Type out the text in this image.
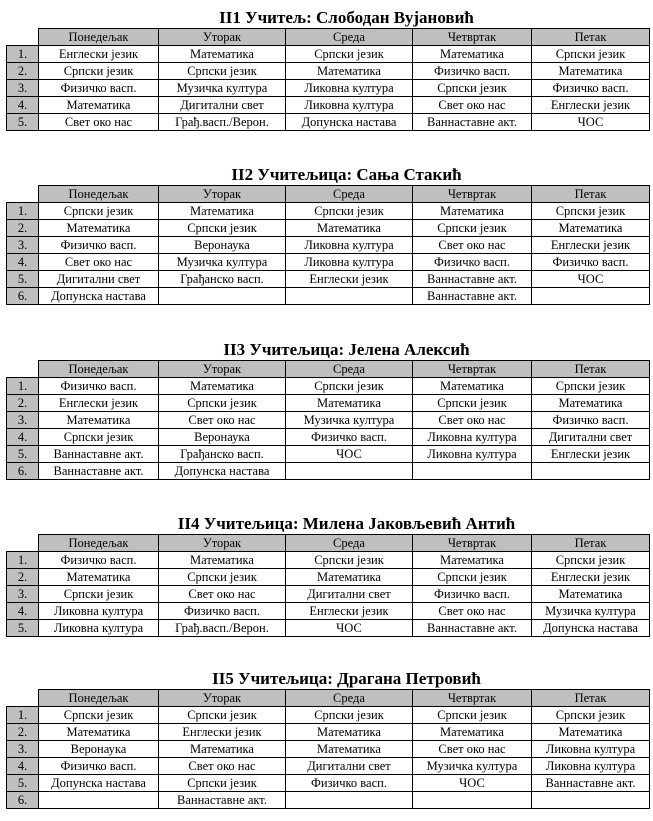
II1 Учитељ: Слободан Вујановић
	Понедељак	Уторак	Среда	Четвртак	Петак
1.	Енглески језик	Математика	Српски језик	Математика	Српски језик
2.	Српски језик	Српски језик	Математика	Физичко васп.	Математика
3.	Физичко васп.	Музичка култура	Ликовна култура	Српски језик	Физичко васп.
4.	Математика	Дигитални свет	Ликовна култура	Свет око нас	Енглески језик
5.	Свет око нас	Грађ.васп./Верон.	Допунска настава	Ваннаставне акт.	ЧОС
II2 Учитељица: Сања Стакић
	Понедељак	Уторак	Среда	Четвртак	Петак
1.	Српски језик	Математика	Српски језик	Математика	Српски језик
2.	Математика	Српски језик	Математика	Српски језик	Математика
3.	Физичко васп.	Веронаука	Ликовна култура	Свет око нас	Енглески језик
4.	Свет око нас	Музичка култура	Ликовна култура	Физичко васп.	Физичко васп.
5.	Дигитални свет	Грађанско васп.	Енглески језик	Ваннаставне акт.	ЧОС
6.	Допунска настава			Ваннаставне акт.	
II3 Учитељица: Јелена Алексић
	Понедељак	Уторак	Среда	Четвртак	Петак
1.	Физичко васп.	Математика	Српски језик	Математика	Српски језик
2.	Енглески језик	Српски језик	Математика	Српски језик	Математика
3.	Математика	Свет око нас	Музичка култура	Свет око нас	Физичко васп.
4.	Српски језик	Веронаука	Физичко васп.	Ликовна култура	Дигитални свет
5.	Ваннаставне акт.	Грађанско васп.	ЧОС	Ликовна култура	Енглески језик
6.	Ваннаставне акт.	Допунска настава			
II4 Учитељица: Милена Јаковљевић Антић
	Понедељак	Уторак	Среда	Четвртак	Петак
1.	Физичко васп.	Математика	Српски језик	Математика	Српски језик
2.	Математика	Српски језик	Математика	Српски језик	Енглески језик
3.	Српски језик	Свет око нас	Дигитални свет	Физичко васп.	Математика
4.	Ликовна култура	Физичко васп.	Енглески језик	Свет око нас	Музичка култура
5.	Ликовна култура	Грађ.васп./Верон.	ЧОС	Ваннаставне акт.	Допунска настава
II5 Учитељица: Драгана Петровић
	Понедељак	Уторак	Среда	Четвртак	Петак
1.	Српски језик	Српски језик	Српски језик	Српски језик	Српски језик
2.	Математика	Енглески језик	Математика	Математика	Математика
3.	Веронаука	Математика	Математика	Свет око нас	Ликовна култура
4.	Физичко васп.	Свет око нас	Дигитални свет	Музичка култура	Ликовна култура
5.	Допунска настава	Српски језик	Физичко васп.	ЧОС	Ваннаставне акт.
6.		Ваннаставне акт.			
